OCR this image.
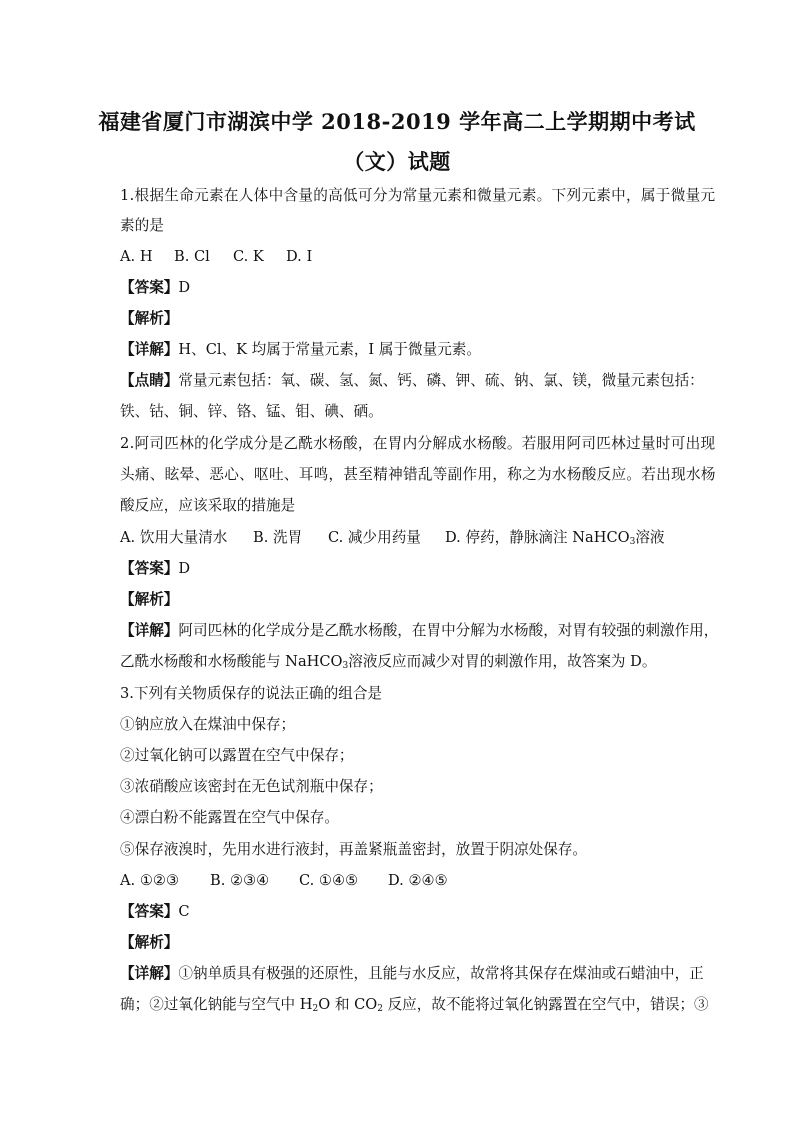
福建省厦门市湖滨中学 2018-2019 学年高二上学期期中考试
（文）试题
1.根据生命元素在人体中含量的高低可分为常量元素和微量元素。下列元素中，属于微量元
素的是
A. H B. Cl C. K D. I
【答案】D
【解析】
【详解】H、Cl、K 均属于常量元素，I 属于微量元素。
【点睛】常量元素包括：氧、碳、氢、氮、钙、磷、钾、硫、钠、氯、镁，微量元素包括：
铁、钴、铜、锌、铬、锰、钼、碘、硒。
2.阿司匹林的化学成分是乙酰水杨酸，在胃内分解成水杨酸。若服用阿司匹林过量时可出现
头痛、眩晕、恶心、呕吐、耳鸣，甚至精神错乱等副作用，称之为水杨酸反应。若出现水杨
酸反应，应该采取的措施是
A. 饮用大量清水 B. 洗胃 C. 减少用药量 D. 停药，静脉滴注 NaHCO$_3$溶液
【答案】D
【解析】
【详解】阿司匹林的化学成分是乙酰水杨酸，在胃中分解为水杨酸，对胃有较强的刺激作用，
乙酰水杨酸和水杨酸能与 NaHCO$_3$溶液反应而减少对胃的刺激作用，故答案为 D。
3.下列有关物质保存的说法正确的组合是
①钠应放入在煤油中保存；
②过氧化钠可以露置在空气中保存；
③浓硝酸应该密封在无色试剂瓶中保存；
④漂白粉不能露置在空气中保存。
⑤保存液溴时，先用水进行液封，再盖紧瓶盖密封，放置于阴凉处保存。
A. ①②③ B. ②③④ C. ①④⑤ D. ②④⑤
【答案】C
【解析】
【详解】①钠单质具有极强的还原性，且能与水反应，故常将其保存在煤油或石蜡油中，正
确；②过氧化钠能与空气中 $H_2O$ 和 $CO_2$ 反应，故不能将过氧化钠露置在空气中，错误；③
